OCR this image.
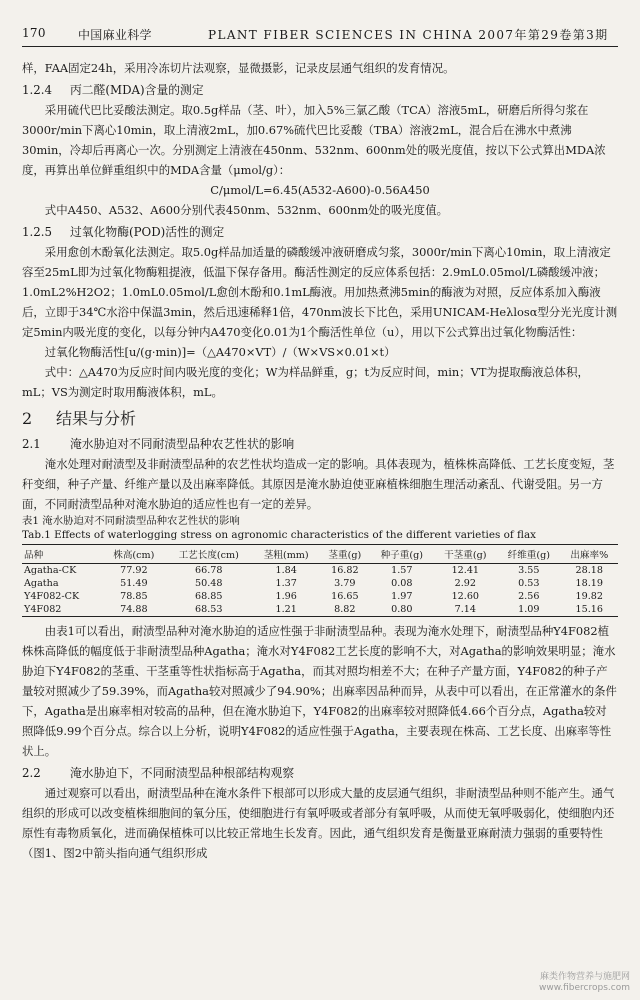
170	中国麻业科学	PLANT FIBER SCIENCES IN CHINA 2007年第29卷第3期

样，FAA固定24h，采用冷冻切片法观察，显微摄影，记录皮层通气组织的发育情况。

1.2.4 丙二醛(MDA)含量的测定

采用硫代巴比妥酸法测定。取0.5g样品（茎、叶），加入5%三氯乙酸（TCA）溶液5mL，研磨后所得匀浆在3000r/min下离心10min，取上清液2mL，加0.67%硫代巴比妥酸（TBA）溶液2mL，混合后在沸水中煮沸30min，冷却后再离心一次。分别测定上清液在450nm、532nm、600nm处的吸光度值，按以下公式算出MDA浓度，再算出单位鲜重组织中的MDA含量（μmol/g）：

C/μmol/L=6.45(A532-A600)-0.56A450

式中A450、A532、A600分别代表450nm、532nm、600nm处的吸光度值。

1.2.5 过氧化物酶(POD)活性的测定

采用愈创木酚氧化法测定。取5.0g样品加适量的磷酸缓冲液研磨成匀浆，3000r/min下离心10min，取上清液定容至25mL即为过氧化物酶粗提液，低温下保存备用。酶活性测定的反应体系包括：2.9mL0.05mol/L磷酸缓冲液；1.0mL2%H2O2；1.0mL0.05mol/L愈创木酚和0.1mL酶液。用加热煮沸5min的酶液为对照，反应体系加入酶液后，立即于34℃水浴中保温3min，然后迅速稀释1倍，470nm波长下比色，采用UNICAM-Heλlosα型分光光度计测定5min内吸光度的变化，以每分钟内A470变化0.01为1个酶活性单位（u），用以下公式算出过氧化物酶活性：

过氧化物酶活性[u/(g·min)]=（△A470×VT）/（W×VS×0.01×t）

式中：△A470为反应时间内吸光度的变化；W为样品鲜重，g；t为反应时间，min；VT为提取酶液总体积，mL；VS为测定时取用酶液体积，mL。

2 结果与分析
2.1 淹水胁迫对不同耐渍型品种农艺性状的影响

淹水处理对耐渍型及非耐渍型品种的农艺性状均造成一定的影响。具体表现为，植株株高降低、工艺长度变短，茎秆变细，种子产量、纤维产量以及出麻率降低。其原因是淹水胁迫使亚麻植株细胞生理活动紊乱、代谢受阻。另一方面，不同耐渍型品种对淹水胁迫的适应性也有一定的差异。

表1 淹水胁迫对不同耐渍型品种农艺性状的影响

Tab.1 Effects of waterlogging stress on agronomic characteristics of the different varieties of flax

品种	株高(cm)	工艺长度(cm)	茎粗(mm)	茎重(g)	种子重(g)	干茎重(g)	纤维重(g)	出麻率%
Agatha-CK	77.92	66.78	1.84	16.82	1.57	12.41	3.55	28.18
Agatha	51.49	50.48	1.37	3.79	0.08	2.92	0.53	18.19
Y4F082-CK	78.85	68.85	1.96	16.65	1.97	12.60	2.56	19.82
Y4F082	74.88	68.53	1.21	8.82	0.80	7.14	1.09	15.16

由表1可以看出，耐渍型品种对淹水胁迫的适应性强于非耐渍型品种。表现为淹水处理下，耐渍型品种Y4F082植株株高降低的幅度低于非耐渍型品种Agatha；淹水对Y4F082工艺长度的影响不大，对Agatha的影响效果明显；淹水胁迫下Y4F082的茎重、干茎重等性状指标高于Agatha，而其对照均相差不大；在种子产量方面，Y4F082的种子产量较对照减少了59.39%，而Agatha较对照减少了94.90%；出麻率因品种而异，从表中可以看出，在正常灌水的条件下，Agatha是出麻率相对较高的品种，但在淹水胁迫下，Y4F082的出麻率较对照降低4.66个百分点，Agatha较对照降低9.99个百分点。综合以上分析，说明Y4F082的适应性强于Agatha，主要表现在株高、工艺长度、出麻率等性状上。

2.2 淹水胁迫下，不同耐渍型品种根部结构观察

通过观察可以看出，耐渍型品种在淹水条件下根部可以形成大量的皮层通气组织，非耐渍型品种则不能产生。通气组织的形成可以改变植株细胞间的氧分压，使细胞进行有氧呼吸或者部分有氧呼吸，从而使无氧呼吸弱化，使细胞内还原性有毒物质氧化，进而确保植株可以比较正常地生长发育。因此，通气组织发育是衡量亚麻耐渍力强弱的重要特性（图1、图2中箭头指向通气组织形成

麻类作物营养与施肥网
www.fibercrops.com
